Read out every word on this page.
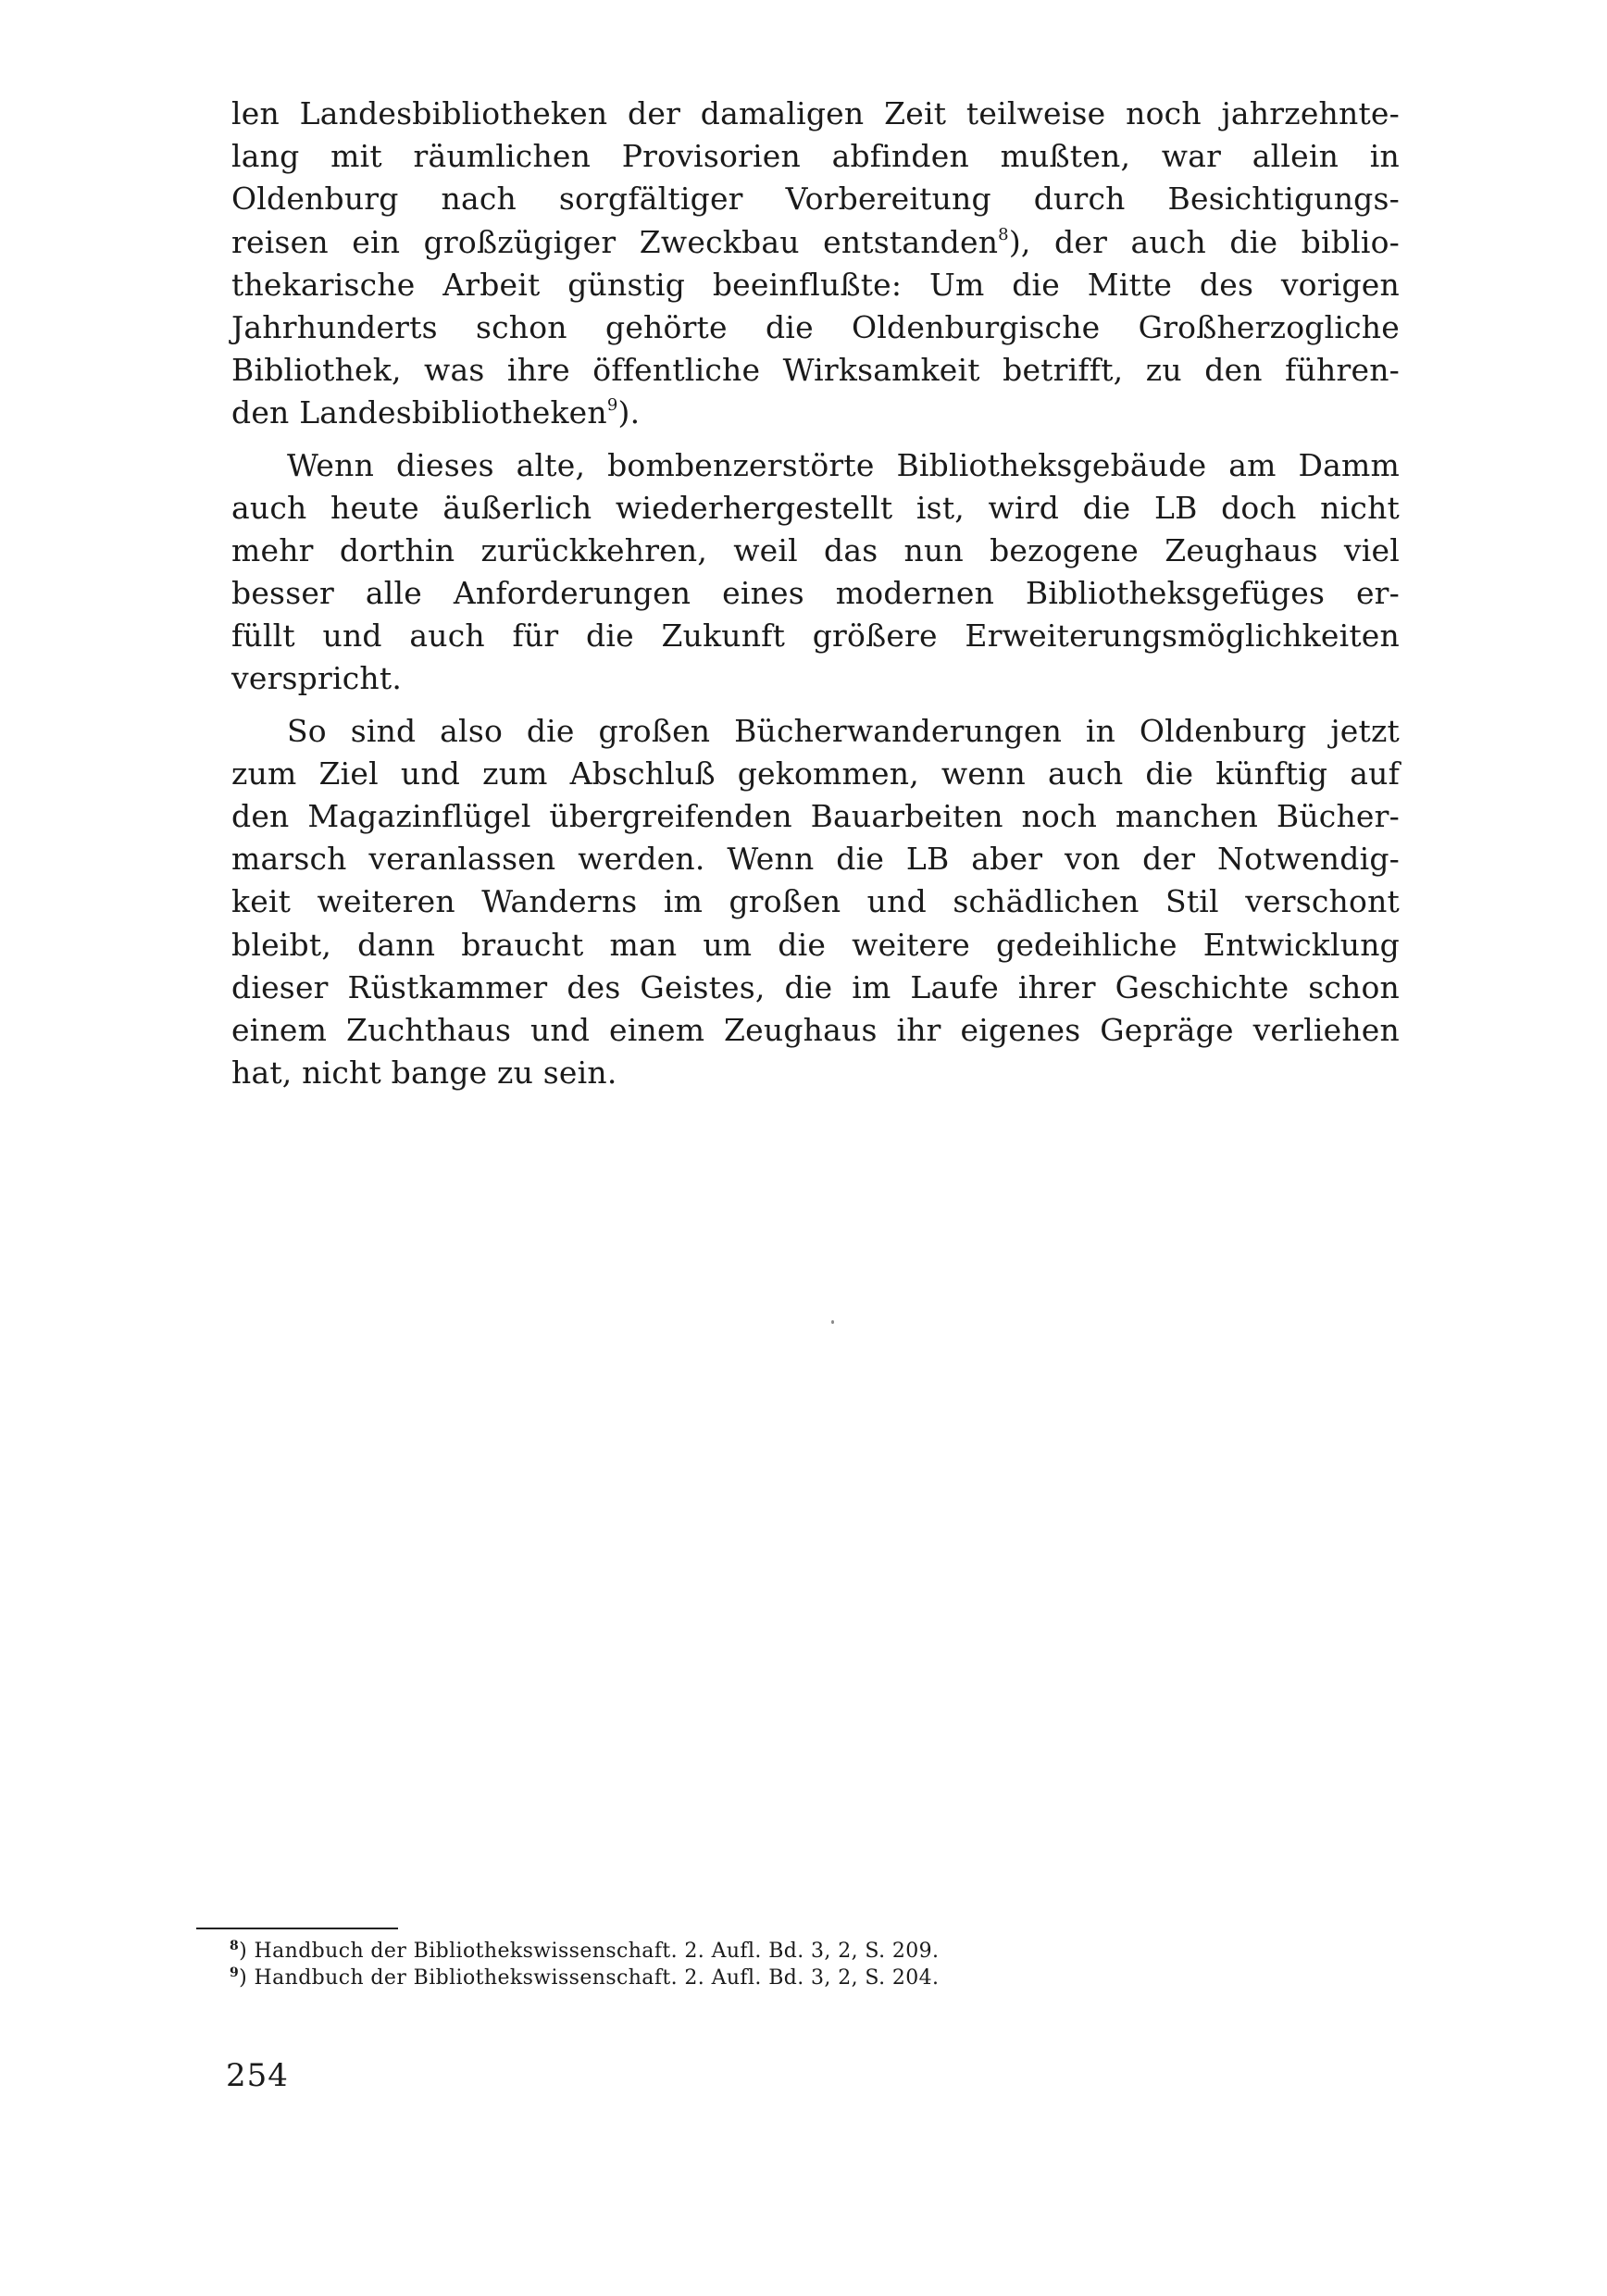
len Landesbibliotheken der damaligen Zeit teilweise noch jahrzehnte-
lang mit räumlichen Provisorien abfinden mußten, war allein in
Oldenburg nach sorgfältiger Vorbereitung durch Besichtigungs-
reisen ein großzügiger Zweckbau entstanden$^8$), der auch die biblio-
thekarische Arbeit günstig beeinflußte: Um die Mitte des vorigen
Jahrhunderts schon gehörte die Oldenburgische Großherzogliche
Bibliothek, was ihre öffentliche Wirksamkeit betrifft, zu den führen-
den Landesbibliotheken$^9$).
Wenn dieses alte, bombenzerstörte Bibliotheksgebäude am Damm
auch heute äußerlich wiederhergestellt ist, wird die LB doch nicht
mehr dorthin zurückkehren, weil das nun bezogene Zeughaus viel
besser alle Anforderungen eines modernen Bibliotheksgefüges er-
füllt und auch für die Zukunft größere Erweiterungsmöglichkeiten
verspricht.
So sind also die großen Bücherwanderungen in Oldenburg jetzt
zum Ziel und zum Abschluß gekommen, wenn auch die künftig auf
den Magazinflügel übergreifenden Bauarbeiten noch manchen Bücher-
marsch veranlassen werden. Wenn die LB aber von der Notwendig-
keit weiteren Wanderns im großen und schädlichen Stil verschont
bleibt, dann braucht man um die weitere gedeihliche Entwicklung
dieser Rüstkammer des Geistes, die im Laufe ihrer Geschichte schon
einem Zuchthaus und einem Zeughaus ihr eigenes Gepräge verliehen
hat, nicht bange zu sein.
$^8$) Handbuch der Bibliothekswissenschaft. 2. Aufl. Bd. 3, 2, S. 209.
$^9$) Handbuch der Bibliothekswissenschaft. 2. Aufl. Bd. 3, 2, S. 204.
254
